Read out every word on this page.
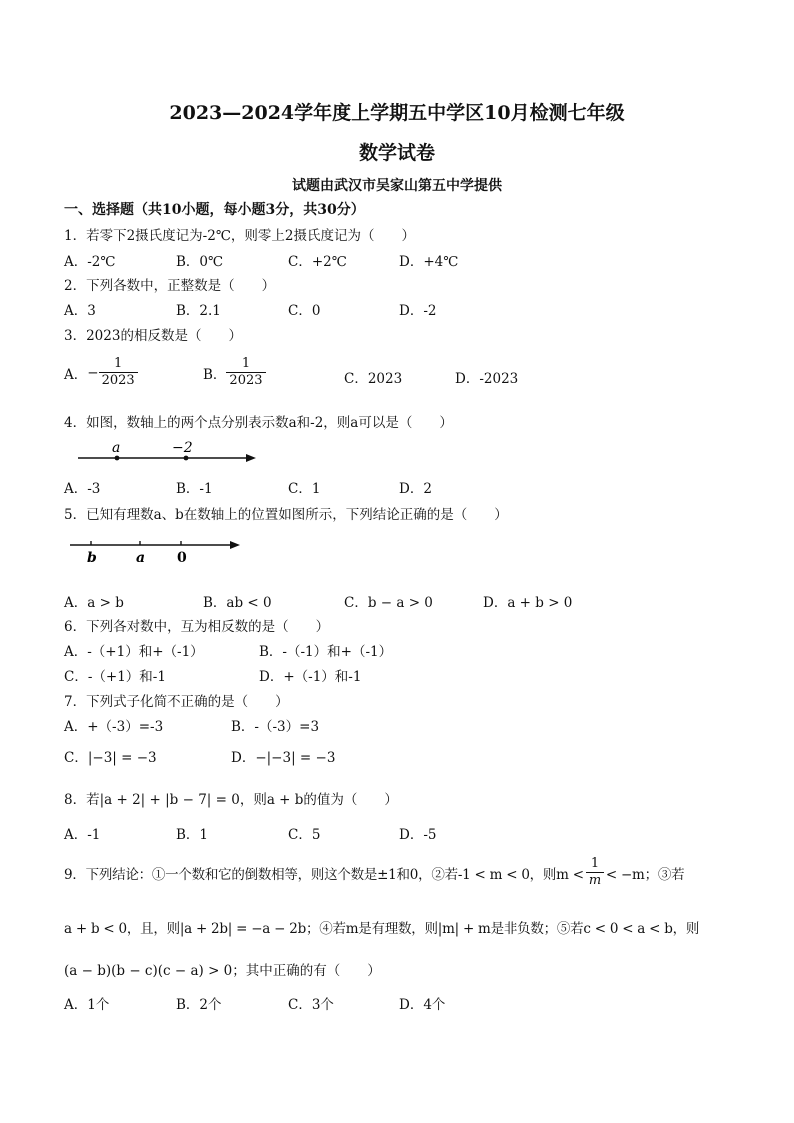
2023—2024学年度上学期五中学区10月检测七年级
数学试卷
试题由武汉市吴家山第五中学提供
一、选择题（共10小题，每小题3分，共30分）
1．若零下2摄氏度记为-2℃，则零上2摄氏度记为（　　）
A．-2℃	B．0℃	C．+2℃	D．+4℃
2．下列各数中，正整数是（　　）
A．3	B．2.1	C．0	D．-2
3．2023的相反数是（　　）
A． − $\frac{1}{2023}$	B． $\frac{1}{2023}$	C．2023	D．-2023
4．如图，数轴上的两个点分别表示数a和-2，则a可以是（　　）
a	−2
A．-3	B．-1	C．1	D．2
5．已知有理数a、b在数轴上的位置如图所示，下列结论正确的是（　　）
b	a 0
A．a > b	B．ab < 0	C．b − a > 0	D．a + b > 0
6．下列各对数中，互为相反数的是（　　）
A．-（+1）和+（-1）	B．-（-1）和+（-1）
C．-（+1）和-1	D．+（-1）和-1
7．下列式子化简不正确的是（　　）
A．+（-3）=-3	B．-（-3）=3
C．|−3| = −3	D．−|−3| = −3
8．若|a + 2| + |b − 7| = 0，则a + b的值为（　　）
A．-1	B．1	C．5	D．-5
9．下列结论：①一个数和它的倒数相等，则这个数是±1和0，②若-1 < m < 0，则$m < \frac{1}{m} < -m$；③若
a + b < 0，且，则|a + 2b| = −a − 2b；④若m是有理数，则|m| + m是非负数；⑤若c < 0 < a < b，则
(a − b)(b − c)(c − a) > 0；其中正确的有（　　）
A．1个	B．2个	C．3个	D．4个
